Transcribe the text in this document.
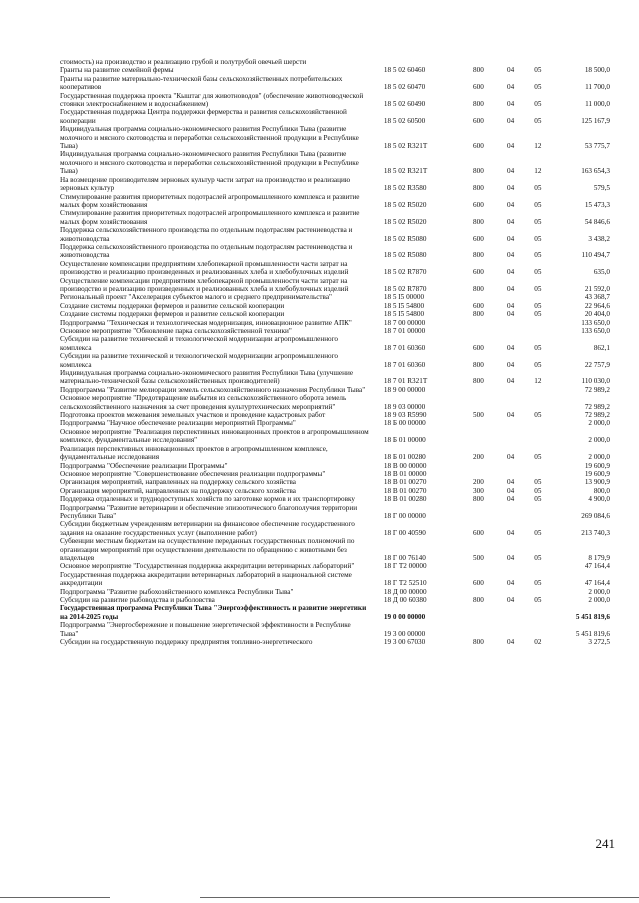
стоимость) на производство и реализацию грубой и полутрубой овечьей шерсти
Гранты на развитие семейной фермы	18 5 02 60460	800	04	05	18 500,0
Гранты на развитие материально-технической базы сельскохозяйственных потребительских кооперативов	18 5 02 60470	600	04	05	11 700,0
Государственная поддержка проекта "Кыштаг для животноводов" (обеспечение животноводческой стоянки электроснабжением и водоснабжением)	18 5 02 60490	800	04	05	11 000,0
Государственная поддержка Центра поддержки фермерства и развития сельскохозяйственной кооперации	18 5 02 60500	600	04	05	125 167,9
Индивидуальная программа социально-экономического развития Республики Тыва (развитие молочного и мясного скотоводства и переработки сельскохозяйственной продукции в Республике Тыва)	18 5 02 R321T	600	04	12	53 775,7
Индивидуальная программа социально-экономического развития Республики Тыва (развитие молочного и мясного скотоводства и переработки сельскохозяйственной продукции в Республике Тыва)	18 5 02 R321T	800	04	12	163 654,3
На возмещение производителям зерновых культур части затрат на производство и реализацию зерновых культур	18 5 02 R3580	800	04	05	579,5
Стимулирование развития приоритетных подотраслей агропромышленного комплекса и развитие малых форм хозяйствования	18 5 02 R5020	600	04	05	15 473,3
Стимулирование развития приоритетных подотраслей агропромышленного комплекса и развитие малых форм хозяйствования	18 5 02 R5020	800	04	05	54 846,6
Поддержка сельскохозяйственного производства по отдельным подотраслям растениеводства и животноводства	18 5 02 R5080	600	04	05	3 438,2
Поддержка сельскохозяйственного производства по отдельным подотраслям растениеводства и животноводства	18 5 02 R5080	800	04	05	110 494,7
Осуществление компенсации предприятиям хлебопекарной промышленности части затрат на производство и реализацию произведенных и реализованных хлеба и хлебобулочных изделий	18 5 02 R7870	600	04	05	635,0
Осуществление компенсации предприятиям хлебопекарной промышленности части затрат на производство и реализацию произведенных и реализованных хлеба и хлебобулочных изделий	18 5 02 R7870	800	04	05	21 592,0
Региональный проект "Акселерация субъектов малого и среднего предпринимательства"	18 5 I5 00000	43 368,7
Создание системы поддержки фермеров и развитие сельской кооперации	18 5 I5 54800	600	04	05	22 964,6
Создание системы поддержки фермеров и развитие сельской кооперации	18 5 I5 54800	800	04	05	20 404,0
Подпрограмма "Техническая и технологическая модернизация, инновационное развитие АПК"	18 7 00 00000	133 650,0
Основное мероприятие "Обновление парка сельскохозяйственной техники"	18 7 01 00000	133 650,0
Субсидии на развитие технической и технологической модернизации агропромышленного комплекса	18 7 01 60360	600	04	05	862,1
Субсидии на развитие технической и технологической модернизации агропромышленного комплекса	18 7 01 60360	800	04	05	22 757,9
Индивидуальная программа социально-экономического развития Республики Тыва (улучшение материально-технической базы сельскохозяйственных производителей)	18 7 01 R321T	800	04	12	110 030,0
Подпрограмма "Развитие мелиорации земель сельскохозяйственного назначения Республики Тыва"	18 9 00 00000	72 989,2
Основное мероприятие "Предотвращение выбытия из сельскохозяйственного оборота земель сельскохозяйственного назначения за счет проведения культуртехнических мероприятий"	18 9 03 00000	72 989,2
Подготовка проектов межевания земельных участков и проведение кадастровых работ	18 9 03 R5990	500	04	05	72 989,2
Подпрограмма "Научное обеспечение реализации мероприятий Программы"	18 Б 00 00000	2 000,0
Основное мероприятие "Реализация перспективных инновационных проектов в агропромышленном комплексе, фундаментальные исследования"	18 Б 01 00000	2 000,0
Реализация перспективных инновационных проектов в агропромышленном комплексе, фундаментальные исследования	18 Б 01 00280	200	04	05	2 000,0
Подпрограмма "Обеспечение реализации Программы"	18 В 00 00000	19 600,9
Основное мероприятие "Совершенствование обеспечения реализации подпрограммы"	18 В 01 00000	19 600,9
Организация мероприятий, направленных на поддержку сельского хозяйства	18 В 01 00270	200	04	05	13 900,9
Организация мероприятий, направленных на поддержку сельского хозяйства	18 В 01 00270	300	04	05	800,0
Поддержка отдаленных и труднодоступных хозяйств по заготовке кормов и их транспортировку	18 В 01 00280	800	04	05	4 900,0
Подпрограмма "Развитие ветеринарии и обеспечение эпизоотического благополучия территории Республики Тыва"	18 Г 00 00000	269 084,6
Субсидии бюджетным учреждениям ветеринарии на финансовое обеспечение государственного задания на оказание государственных услуг (выполнение работ)	18 Г 00 40590	600	04	05	213 740,3
Субвенции местным бюджетам на осуществление переданных государственных полномочий по организации мероприятий при осуществлении деятельности по обращению с животными без владельцев	18 Г 00 76140	500	04	05	8 179,9
Основное мероприятие "Государственная поддержка аккредитации ветеринарных лабораторий"	18 Г Т2 00000	47 164,4
Государственная поддержка аккредитации ветеринарных лабораторий в национальной системе аккредитации	18 Г Т2 52510	600	04	05	47 164,4
Подпрограмма "Развитие рыбохозяйственного комплекса Республики Тыва"	18 Д 00 00000	2 000,0
Субсидии на развитие рыбоводства и рыболовства	18 Д 00 60380	800	04	05	2 000,0
Государственная программа Республики Тыва "Энергоэффективность и развитие энергетики на 2014-2025 годы	19 0 00 00000	5 451 819,6
Подпрограмма "Энергосбережение и повышение энергетической эффективности в Республике Тыва"	19 3 00 00000	5 451 819,6
Субсидии на государственную поддержку предприятия топливно-энергетического	19 3 00 67030	800	04	02	3 272,5
241
